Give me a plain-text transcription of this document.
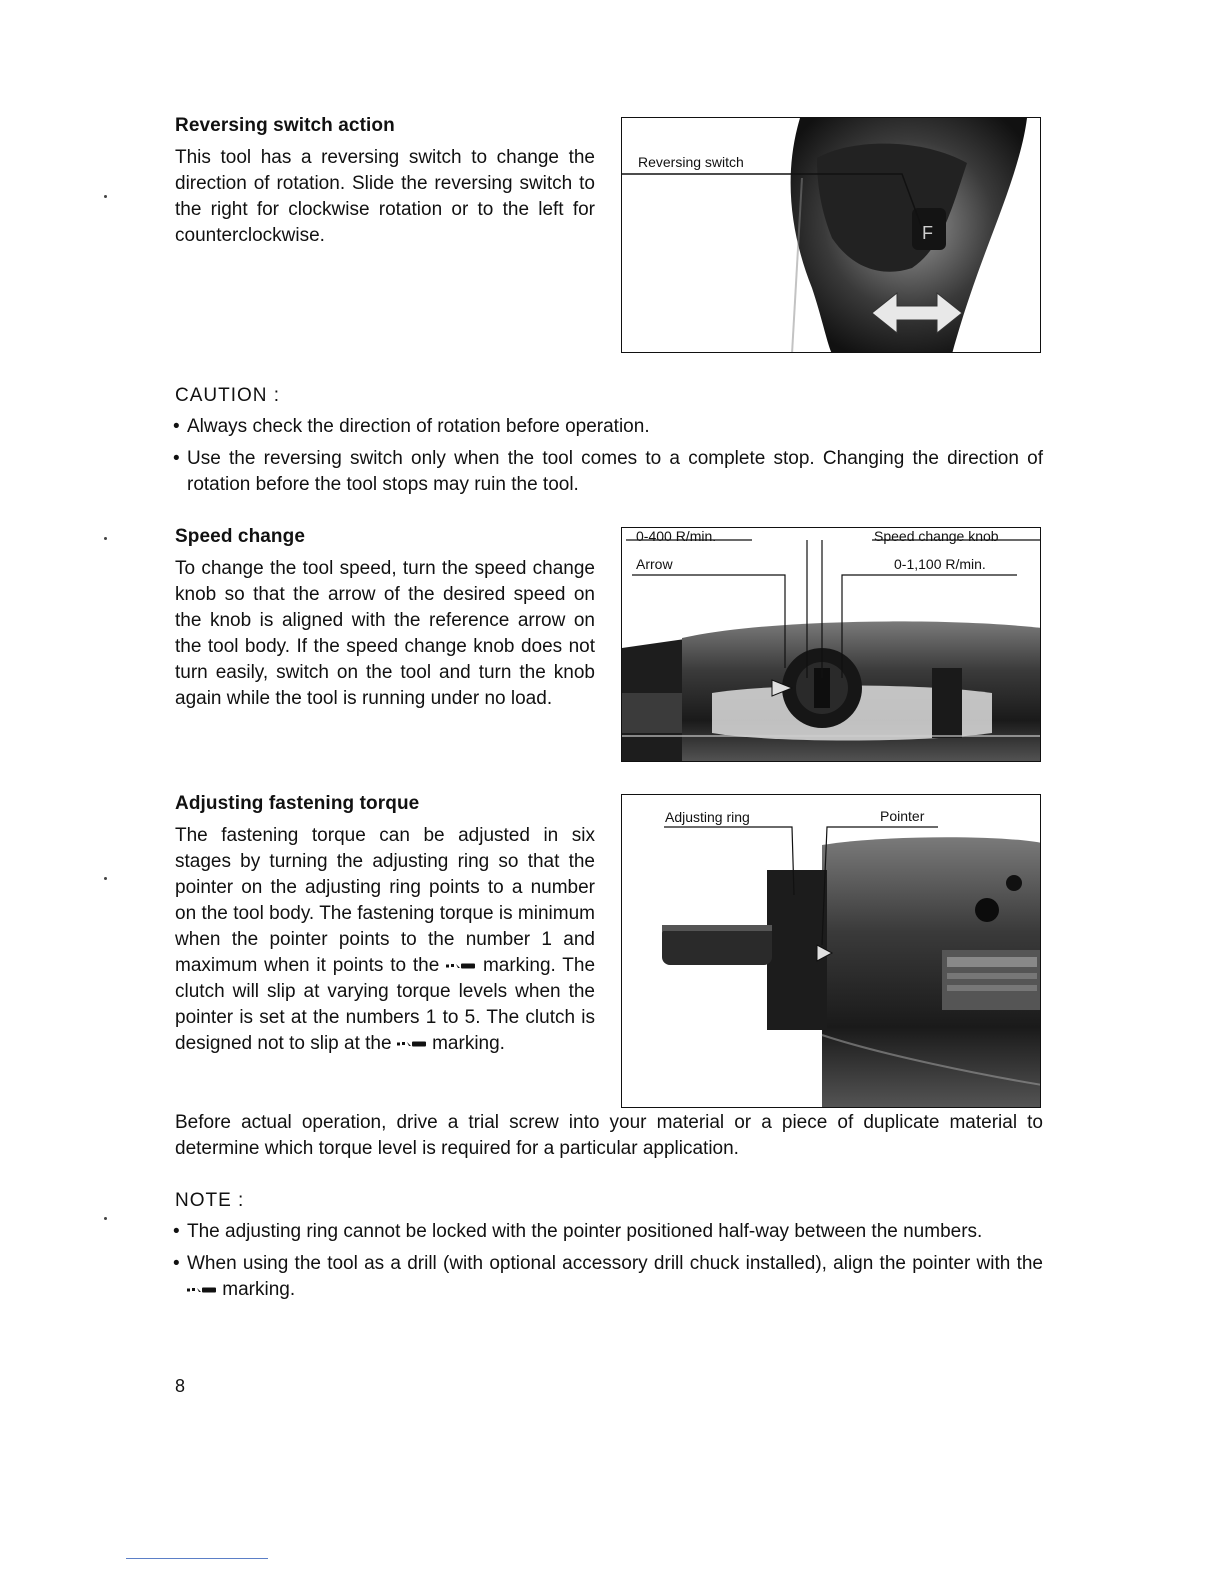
Reversing switch action

This tool has a reversing switch to change the direction of rotation. Slide the reversing switch to the right for clockwise rotation or to the left for counterclockwise.	F
Reversing switch
CAUTION :
• Always check the direction of rotation before operation.
• Use the reversing switch only when the tool comes to a complete stop. Changing the direction of rotation before the tool stops may ruin the tool.
Speed change

To change the tool speed, turn the speed change knob so that the arrow of the desired speed on the knob is aligned with the reference arrow on the tool body. If the speed change knob does not turn easily, switch on the tool and turn the knob again while the tool is running under no load.

0-400 R/min.	Speed change knob
Arrow	0-1,100 R/min.
Adjusting fastening torque

The fastening torque can be adjusted in six stages by turning the adjusting ring so that the pointer on the adjusting ring points to a number on the tool body. The fastening torque is minimum when the pointer points to the number 1 and maximum when it points to the marking. The clutch will slip at varying torque levels when the pointer is set at the numbers 1 to 5. The clutch is designed not to slip at the marking.

Adjusting ring	Pointer

Before actual operation, drive a trial screw into your material or a piece of duplicate material to determine which torque level is required for a particular application.

NOTE :
• The adjusting ring cannot be locked with the pointer positioned half-way between the numbers.
• When using the tool as a drill (with optional accessory drill chuck installed), align the pointer with the  marking.
8
